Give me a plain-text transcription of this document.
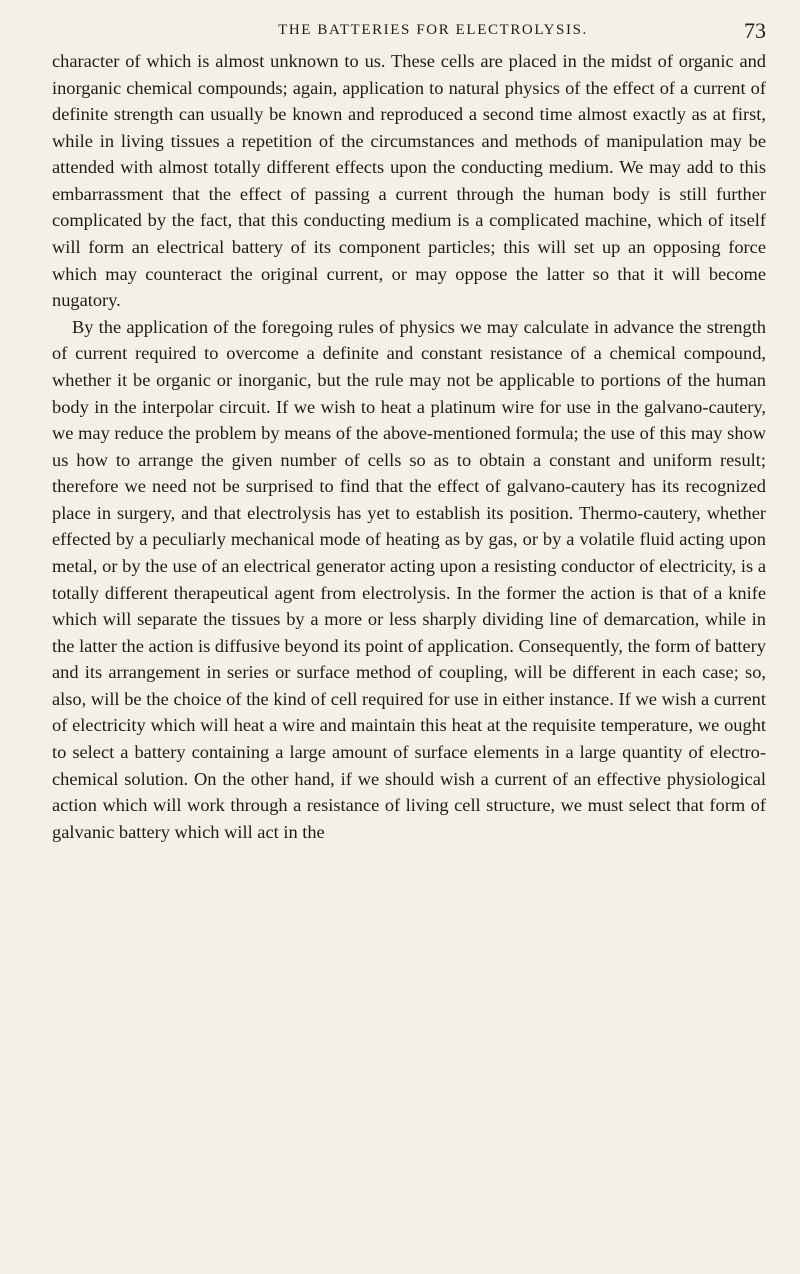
THE BATTERIES FOR ELECTROLYSIS.	73

character of which is almost unknown to us. These cells are placed in the midst of organic and inorganic chemical compounds; again, application to natural physics of the effect of a current of definite strength can usually be known and reproduced a second time almost exactly as at first, while in living tissues a repetition of the circumstances and methods of manipulation may be attended with almost totally different effects upon the conducting medium. We may add to this embarrassment that the effect of passing a current through the human body is still further complicated by the fact, that this conducting medium is a complicated machine, which of itself will form an electrical battery of its component particles; this will set up an opposing force which may counteract the original current, or may oppose the latter so that it will become nugatory.

By the application of the foregoing rules of physics we may calculate in advance the strength of current required to overcome a definite and constant resistance of a chemical compound, whether it be organic or inorganic, but the rule may not be applicable to portions of the human body in the interpolar circuit. If we wish to heat a platinum wire for use in the galvano-cautery, we may reduce the problem by means of the above-mentioned formula; the use of this may show us how to arrange the given number of cells so as to obtain a constant and uniform result; therefore we need not be surprised to find that the effect of galvano-cautery has its recognized place in surgery, and that electrolysis has yet to establish its position. Thermo-cautery, whether effected by a peculiarly mechanical mode of heating as by gas, or by a volatile fluid acting upon metal, or by the use of an electrical generator acting upon a resisting conductor of electricity, is a totally different therapeutical agent from electrolysis. In the former the action is that of a knife which will separate the tissues by a more or less sharply dividing line of demarcation, while in the latter the action is diffusive beyond its point of application. Consequently, the form of battery and its arrangement in series or surface method of coupling, will be different in each case; so, also, will be the choice of the kind of cell required for use in either instance. If we wish a current of electricity which will heat a wire and maintain this heat at the requisite temperature, we ought to select a battery containing a large amount of surface elements in a large quantity of electro-chemical solution. On the other hand, if we should wish a current of an effective physiological action which will work through a resistance of living cell structure, we must select that form of galvanic battery which will act in the
